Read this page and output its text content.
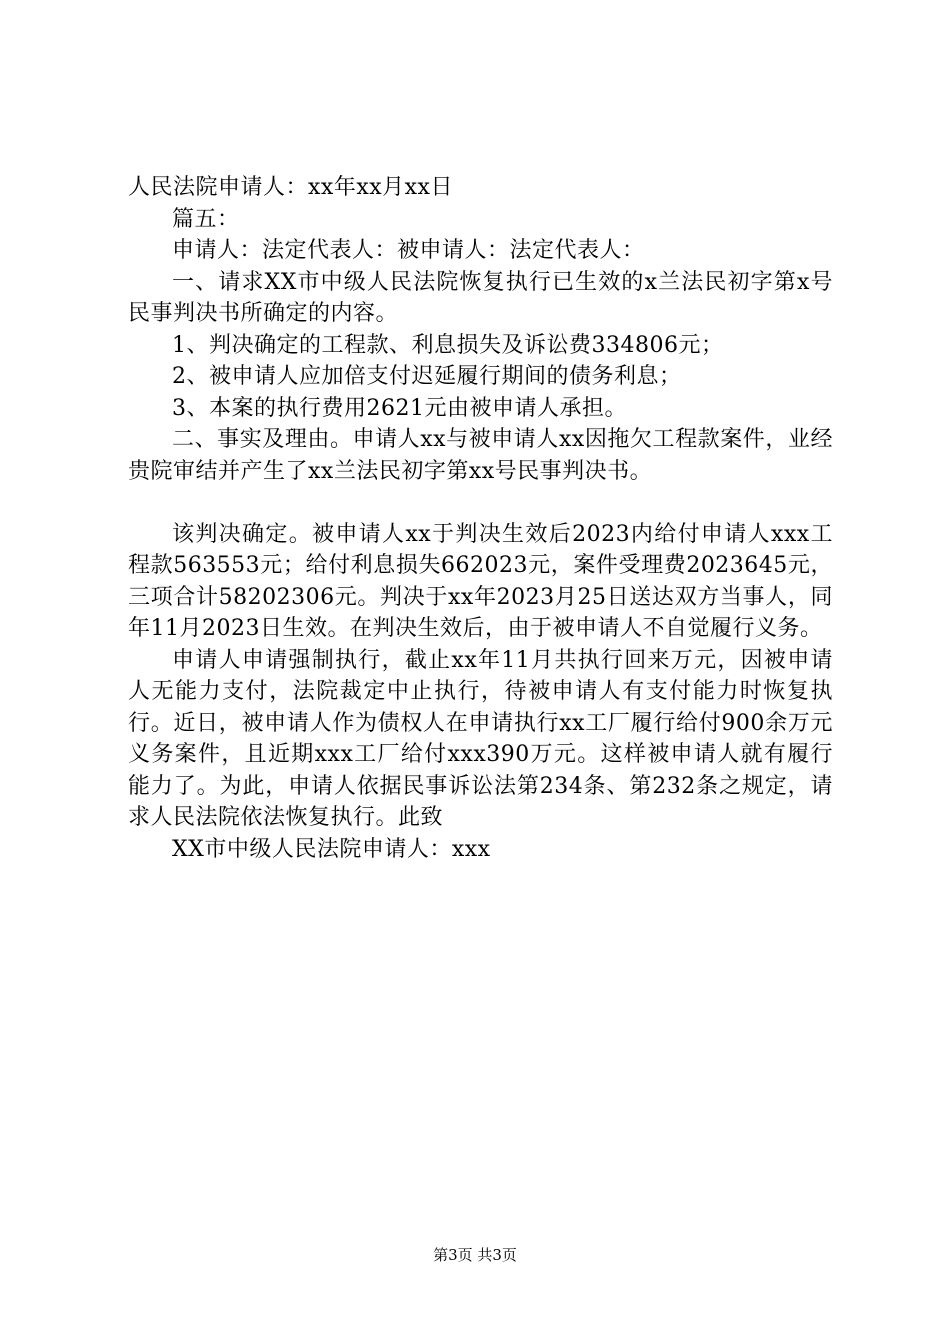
人民法院申请人：xx年xx月xx日

篇五：

申请人：法定代表人：被申请人：法定代表人：

一、请求XX市中级人民法院恢复执行已生效的x兰法民初字第x号民事判决书所确定的内容。

1、判决确定的工程款、利息损失及诉讼费334806元；

2、被申请人应加倍支付迟延履行期间的债务利息；

3、本案的执行费用2621元由被申请人承担。

二、事实及理由。申请人xx与被申请人xx因拖欠工程款案件，业经贵院审结并产生了xx兰法民初字第xx号民事判决书。

该判决确定。被申请人xx于判决生效后2023内给付申请人xxx工程款563553元；给付利息损失662023元，案件受理费2023645元，三项合计58202306元。判决于xx年2023月25日送达双方当事人，同年11月2023日生效。在判决生效后，由于被申请人不自觉履行义务。

申请人申请强制执行，截止xx年11月共执行回来万元，因被申请人无能力支付，法院裁定中止执行，待被申请人有支付能力时恢复执行。近日，被申请人作为债权人在申请执行xx工厂履行给付900余万元义务案件，且近期xxx工厂给付xxx390万元。这样被申请人就有履行能力了。为此，申请人依据民事诉讼法第234条、第232条之规定，请求人民法院依法恢复执行。此致

XX市中级人民法院申请人：xxx

第3页 共3页
